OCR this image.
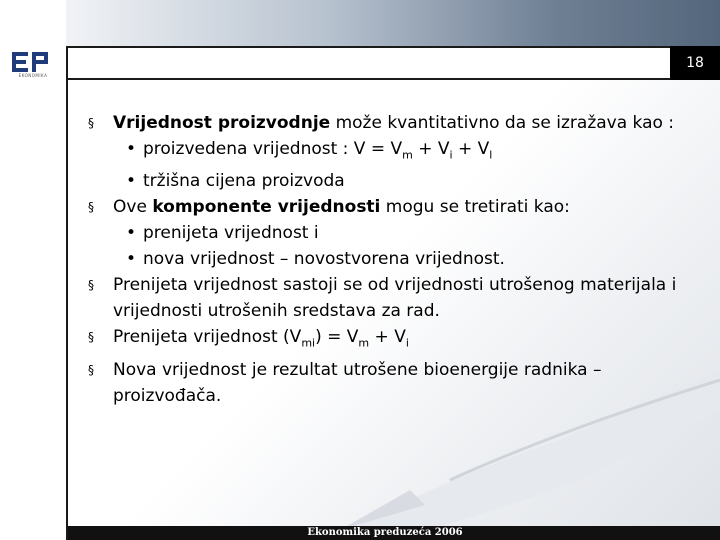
18
EKONOMIKA
§ Vrijednost proizvodnje može kvantitativno da se izražava kao :
• proizvedena vrijednost : $V = V_m + V_i + V_l$
• tržišna cijena proizvoda
§ Ove komponente vrijednosti mogu se tretirati kao:
• prenijeta vrijednost i
• nova vrijednost – novostvorena vrijednost.
§ Prenijeta vrijednost sastoji se od vrijednosti utrošenog materijala i vrijednosti utrošenih sredstava za rad.
§ Prenijeta vrijednost $(V_{mi}) = V_m + V_i$
§ Nova vrijednost je rezultat utrošene bioenergije radnika – proizvođača.
Ekonomika preduzeća 2006
